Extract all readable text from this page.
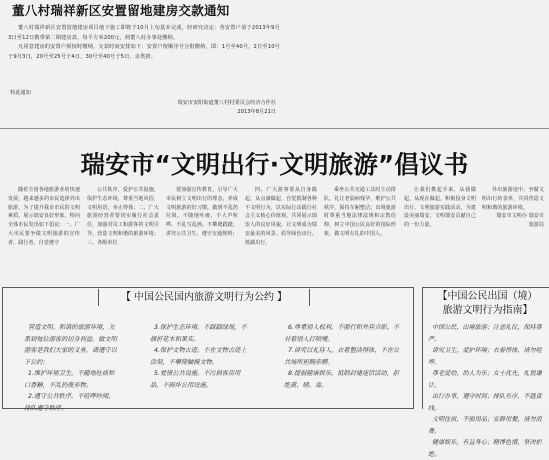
董八村瑞祥新区安置留地建房交款通知

董八村瑞祥新区安置留地建房项目地下施工即将于10月上旬基本完成，经研究决定：各安置户请于2013年9月3日至12日携带第二期建房款，每平方米200元，到董八村办事处缴纳。

凡同意建房的安置户须按时缴纳，交款时间安排如下：安置户按顺序号分批缴纳，即：1号至40号，2日至10号于9月3日，20号至25号于4日，30号至40号于5日，余类推。

特此通知
瑞安市安阳街道董八村村委员会经济合作社
2013年8月21日
瑞安市“文明出行·文明旅游”倡议书

随着全国各地旅游业的快速发展，越来越多的市民选择外出旅游。为了提升我市市民的文明素质，展示瑞安良好形象，特向全体市民发出如下倡议：一、广大市民要争做文明旅游的宣传者、践行者，自觉遵守

公共秩序，爱护公共设施，保护生态环境，尊重当地风俗，文明用语，举止得体；二、广大旅游经营者要切实履行社会责任，加强对员工和游客的文明引导，营造文明和谐的旅游环境；三、各级单位

要加强宣传教育，引导广大市民树立文明出行的理念，养成文明旅游的好习惯，做到不乱扔垃圾、不随地吐痰、不大声喧哗、不乱写乱画、不攀爬践踏，讲究公共卫生，遵守交通规则；

四、广大游客要从自身做起，从点滴做起，自觉抵制各种不文明行为，以实际行动践行社会主义核心价值观，共同展示瑞安人的良好风貌，让文明成为瑞安最美的风景。倡导绿色出行、低碳出行，

乘坐公共交通工具时主动排队，礼让老弱病残孕，维护公共秩序，保持车厢整洁；出境旅游时尊重当地法律法规和宗教信仰，树立中国公民良好的国际形象，做文明有礼的中国人。

让我们携起手来，从我做起，从现在做起，积极投身文明出行、文明旅游实践活动，为建设美丽瑞安、文明瑞安贡献自己的一份力量。

外出旅游途中，争做文明出行的表率，共同营造文明和谐的旅游环境。

瑞安市文明办 瑞安市旅游局

【 中国公民国内旅游文明行为公约 】

营造文明、和谐的旅游环境，关系到每位游客的切身利益。做文明游客是我们大家的义务，请遵守以下公约：

1.维护环境卫生。不随地吐痰和口香糖，不乱扔废弃物。

2.遵守公共秩序。不喧哗吵闹，排队遵守秩序。

3.保护生态环境。不踩踏绿地，不摘折花木和果实。

4.保护文物古迹。不在文物古迹上涂刻，不攀爬触摸文物。

5.爱惜公共设施。不污损客房用品，不损坏公用设施。

6.尊重别人权利。不强行和外宾合影，不对着别人打喷嚏。

7.讲究以礼待人。衣着整洁得体，不在公共场所袒胸赤膊。

8.提倡健康娱乐。抵制封建迷信活动，拒绝黄、赌、毒。

【中国公民出国（境）
旅游文明行为指南】

中国公民，出境旅游；注意礼仪，保持尊严。

讲究卫生，爱护环境；衣着得体，请勿喧哗。

尊老爱幼，助人为乐；女士优先，礼貌谦让。

出行办事，遵守时间；排队有序，不越黄线。

文明住宿，不损用品；安静用餐，请勿浪费。

健康娱乐，有益身心；赌博色情，坚决拒绝。
